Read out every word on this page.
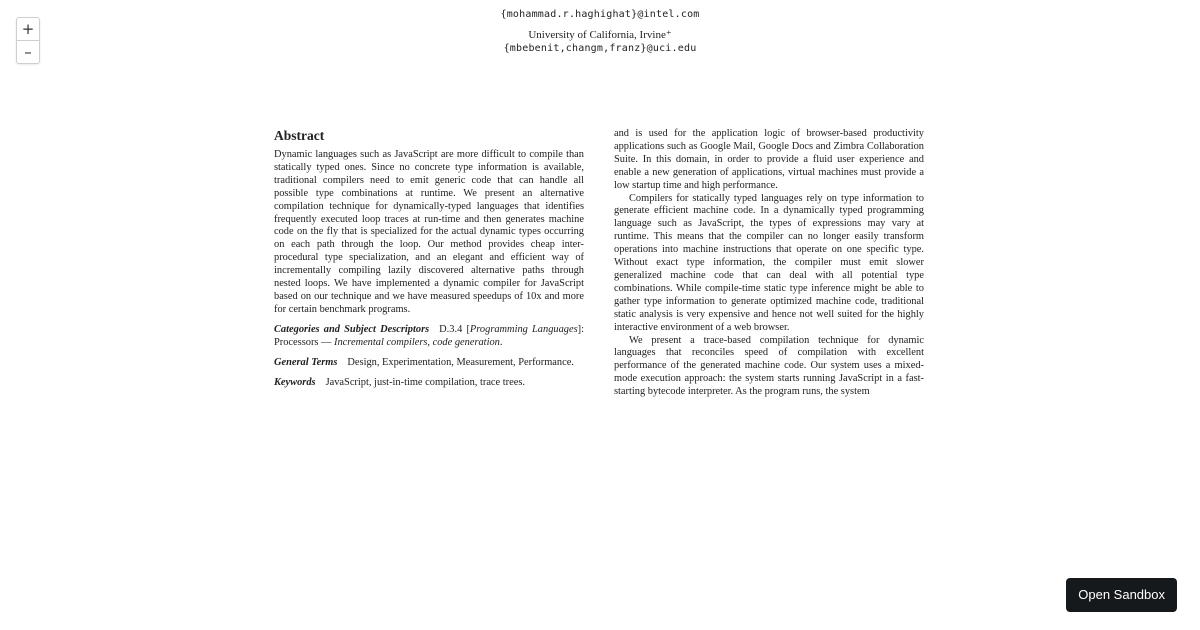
+
–
{mohammad.r.haghighat}@intel.com
University of California, Irvine⁺
{mbebenit,changm,franz}@uci.edu
Abstract

Dynamic languages such as JavaScript are more difficult to compile than statically typed ones. Since no concrete type information is available, traditional compilers need to emit generic code that can handle all possible type combinations at runtime. We present an alternative compilation technique for dynamically-typed languages that identifies frequently executed loop traces at run-time and then generates machine code on the fly that is specialized for the actual dynamic types occurring on each path through the loop. Our method provides cheap inter-procedural type specialization, and an elegant and efficient way of incrementally compiling lazily discovered alternative paths through nested loops. We have implemented a dynamic compiler for JavaScript based on our technique and we have measured speedups of 10x and more for certain benchmark programs.

Categories and Subject Descriptors D.3.4 [Programming Languages]: Processors — Incremental compilers, code generation.

General Terms Design, Experimentation, Measurement, Performance.

Keywords JavaScript, just-in-time compilation, trace trees.

and is used for the application logic of browser-based productivity applications such as Google Mail, Google Docs and Zimbra Collaboration Suite. In this domain, in order to provide a fluid user experience and enable a new generation of applications, virtual machines must provide a low startup time and high performance.

Compilers for statically typed languages rely on type information to generate efficient machine code. In a dynamically typed programming language such as JavaScript, the types of expressions may vary at runtime. This means that the compiler can no longer easily transform operations into machine instructions that operate on one specific type. Without exact type information, the compiler must emit slower generalized machine code that can deal with all potential type combinations. While compile-time static type inference might be able to gather type information to generate optimized machine code, traditional static analysis is very expensive and hence not well suited for the highly interactive environment of a web browser.

We present a trace-based compilation technique for dynamic languages that reconciles speed of compilation with excellent performance of the generated machine code. Our system uses a mixed-mode execution approach: the system starts running JavaScript in a fast-starting bytecode interpreter. As the program runs, the system

Open Sandbox
